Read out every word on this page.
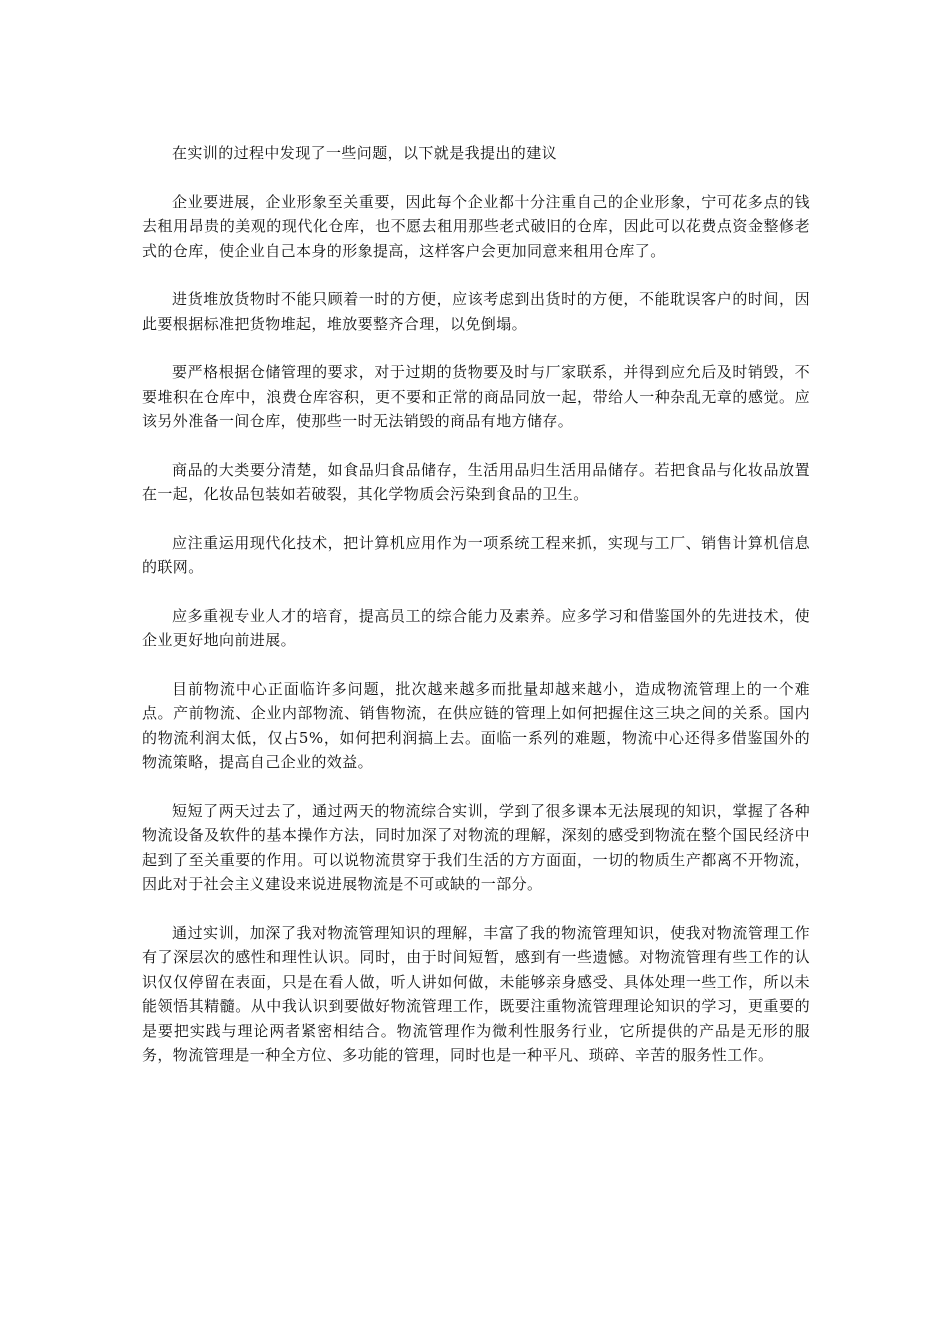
在实训的过程中发现了一些问题，以下就是我提出的建议

企业要进展，企业形象至关重要，因此每个企业都十分注重自己的企业形象，宁可花多点的钱去租用昂贵的美观的现代化仓库，也不愿去租用那些老式破旧的仓库，因此可以花费点资金整修老式的仓库，使企业自己本身的形象提高，这样客户会更加同意来租用仓库了。

进货堆放货物时不能只顾着一时的方便，应该考虑到出货时的方便，不能耽误客户的时间，因此要根据标准把货物堆起，堆放要整齐合理，以免倒塌。

要严格根据仓储管理的要求，对于过期的货物要及时与厂家联系，并得到应允后及时销毁，不要堆积在仓库中，浪费仓库容积，更不要和正常的商品同放一起，带给人一种杂乱无章的感觉。应该另外准备一间仓库，使那些一时无法销毁的商品有地方储存。

商品的大类要分清楚，如食品归食品储存，生活用品归生活用品储存。若把食品与化妆品放置在一起，化妆品包装如若破裂，其化学物质会污染到食品的卫生。

应注重运用现代化技术，把计算机应用作为一项系统工程来抓，实现与工厂、销售计算机信息的联网。

应多重视专业人才的培育，提高员工的综合能力及素养。应多学习和借鉴国外的先进技术，使企业更好地向前进展。

目前物流中心正面临许多问题，批次越来越多而批量却越来越小，造成物流管理上的一个难点。产前物流、企业内部物流、销售物流，在供应链的管理上如何把握住这三块之间的关系。国内的物流利润太低，仅占5%，如何把利润搞上去。面临一系列的难题，物流中心还得多借鉴国外的物流策略，提高自己企业的效益。

短短了两天过去了，通过两天的物流综合实训，学到了很多课本无法展现的知识，掌握了各种物流设备及软件的基本操作方法，同时加深了对物流的理解，深刻的感受到物流在整个国民经济中起到了至关重要的作用。可以说物流贯穿于我们生活的方方面面，一切的物质生产都离不开物流，因此对于社会主义建设来说进展物流是不可或缺的一部分。

通过实训，加深了我对物流管理知识的理解，丰富了我的物流管理知识，使我对物流管理工作有了深层次的感性和理性认识。同时，由于时间短暂，感到有一些遗憾。对物流管理有些工作的认识仅仅停留在表面，只是在看人做，听人讲如何做，未能够亲身感受、具体处理一些工作，所以未能领悟其精髓。从中我认识到要做好物流管理工作，既要注重物流管理理论知识的学习，更重要的是要把实践与理论两者紧密相结合。物流管理作为微利性服务行业，它所提供的产品是无形的服务，物流管理是一种全方位、多功能的管理，同时也是一种平凡、琐碎、辛苦的服务性工作。
